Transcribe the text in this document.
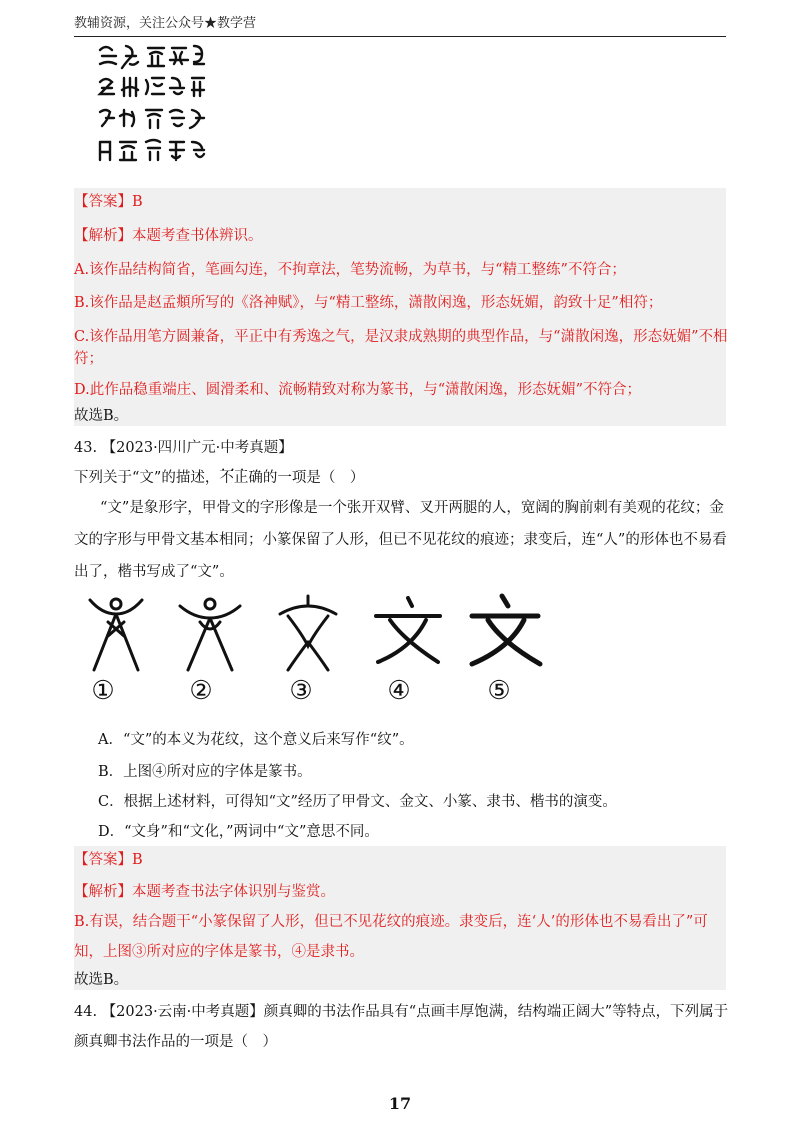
教辅资源，关注公众号★教学营
【答案】B
【解析】本题考查书体辨识。
A.该作品结构简省，笔画勾连，不拘章法，笔势流畅，为草书，与“精工整练”不符合；
B.该作品是赵孟頫所写的《洛神赋》，与“精工整练，潇散闲逸，形态妩媚，韵致十足”相符；
C.该作品用笔方圆兼备，平正中有秀逸之气，是汉隶成熟期的典型作品，与“潇散闲逸，形态妩媚”不相
符；
D.此作品稳重端庄、圆滑柔和、流畅精致对称为篆书，与“潇散闲逸，形态妩媚”不符合；
故选B。
43. 【2023·四川广元·中考真题】
下列关于“文”的描述，• • • 不正确的一项是（　）
“文”是象形字，甲骨文的字形像是一个张开双臂、叉开两腿的人，宽阔的胸前刺有美观的花纹；金
文的字形与甲骨文基本相同；小篆保留了人形，但已不见花纹的痕迹；隶变后，连“人”的形体也不易看
出了，楷书写成了“文”。
①	②	③	④	⑤
A．“文”的本义为花纹，这个意义后来写作“纹”。
B．上图④所对应的字体是篆书。
C．根据上述材料，可得知“文”经历了甲骨文、金文、小篆、隶书、楷书的演变。
D．“文身”和“文化，”两词中“文”意思不同。
【答案】B
【解析】本题考查书法字体识别与鉴赏。
B.有误，结合题干“小篆保留了人形，但已不见花纹的痕迹。隶变后，连‘人’的形体也不易看出了”可
知，上图③所对应的字体是篆书，④是隶书。
故选B。
44. 【2023·云南·中考真题】颜真卿的书法作品具有“点画丰厚饱满，结构端正阔大”等特点，下列属于
颜真卿书法作品的一项是（　）
17
